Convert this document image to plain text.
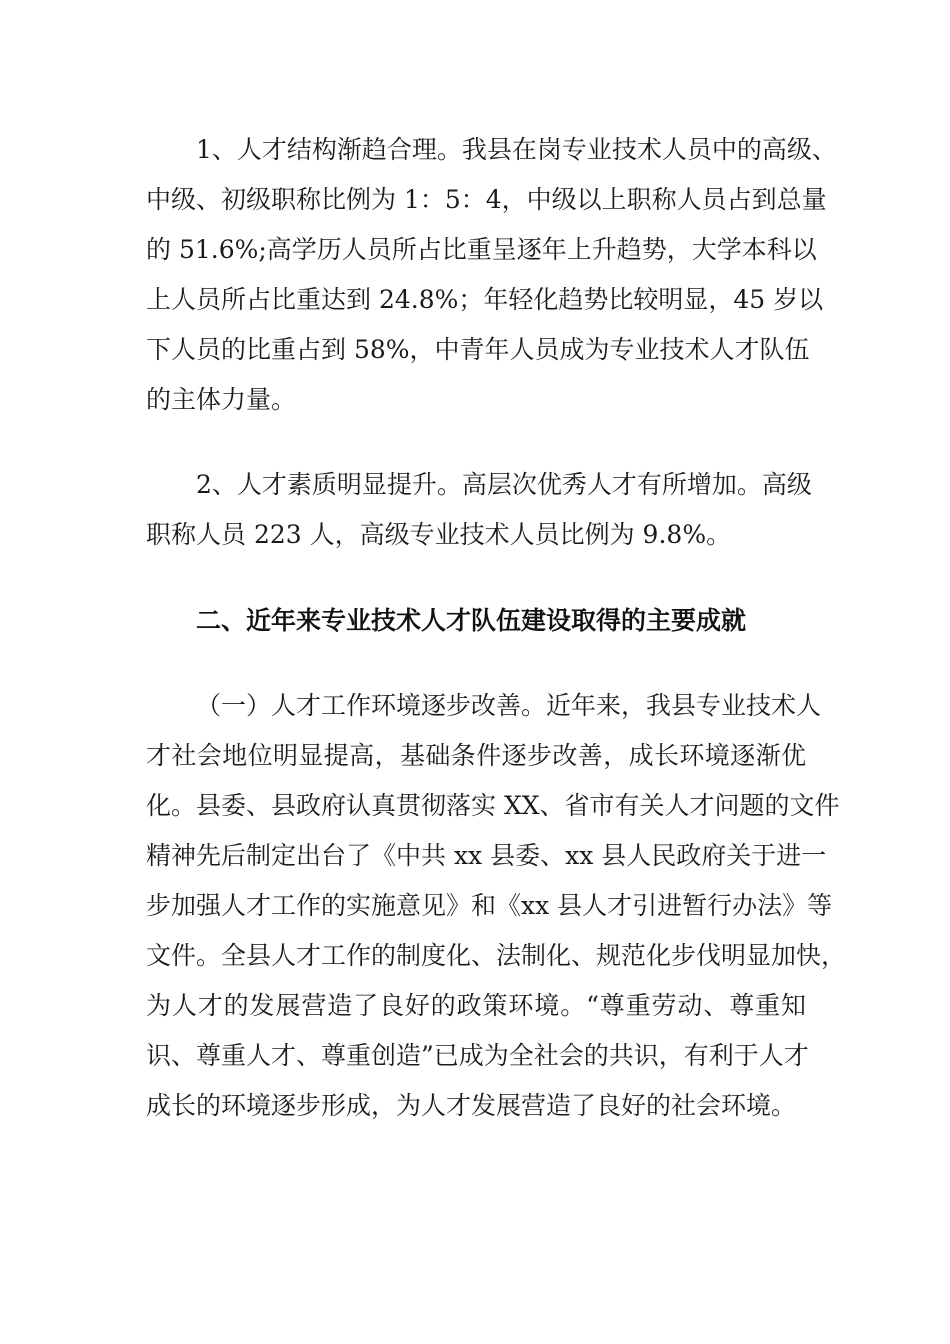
1、人才结构渐趋合理。我县在岗专业技术人员中的高级、
中级、初级职称比例为 1：5：4，中级以上职称人员占到总量
的 51.6%;高学历人员所占比重呈逐年上升趋势，大学本科以
上人员所占比重达到 24.8%；年轻化趋势比较明显，45 岁以
下人员的比重占到 58%，中青年人员成为专业技术人才队伍
的主体力量。
2、人才素质明显提升。高层次优秀人才有所增加。高级
职称人员 223 人，高级专业技术人员比例为 9.8%。
二、近年来专业技术人才队伍建设取得的主要成就
（一）人才工作环境逐步改善。近年来，我县专业技术人
才社会地位明显提高，基础条件逐步改善，成长环境逐渐优
化。县委、县政府认真贯彻落实 XX、省市有关人才问题的文件
精神先后制定出台了《中共 xx 县委、xx 县人民政府关于进一
步加强人才工作的实施意见》和《xx 县人才引进暂行办法》等
文件。全县人才工作的制度化、法制化、规范化步伐明显加快，
为人才的发展营造了良好的政策环境。“尊重劳动、尊重知
识、尊重人才、尊重创造”已成为全社会的共识，有利于人才
成长的环境逐步形成，为人才发展营造了良好的社会环境。
